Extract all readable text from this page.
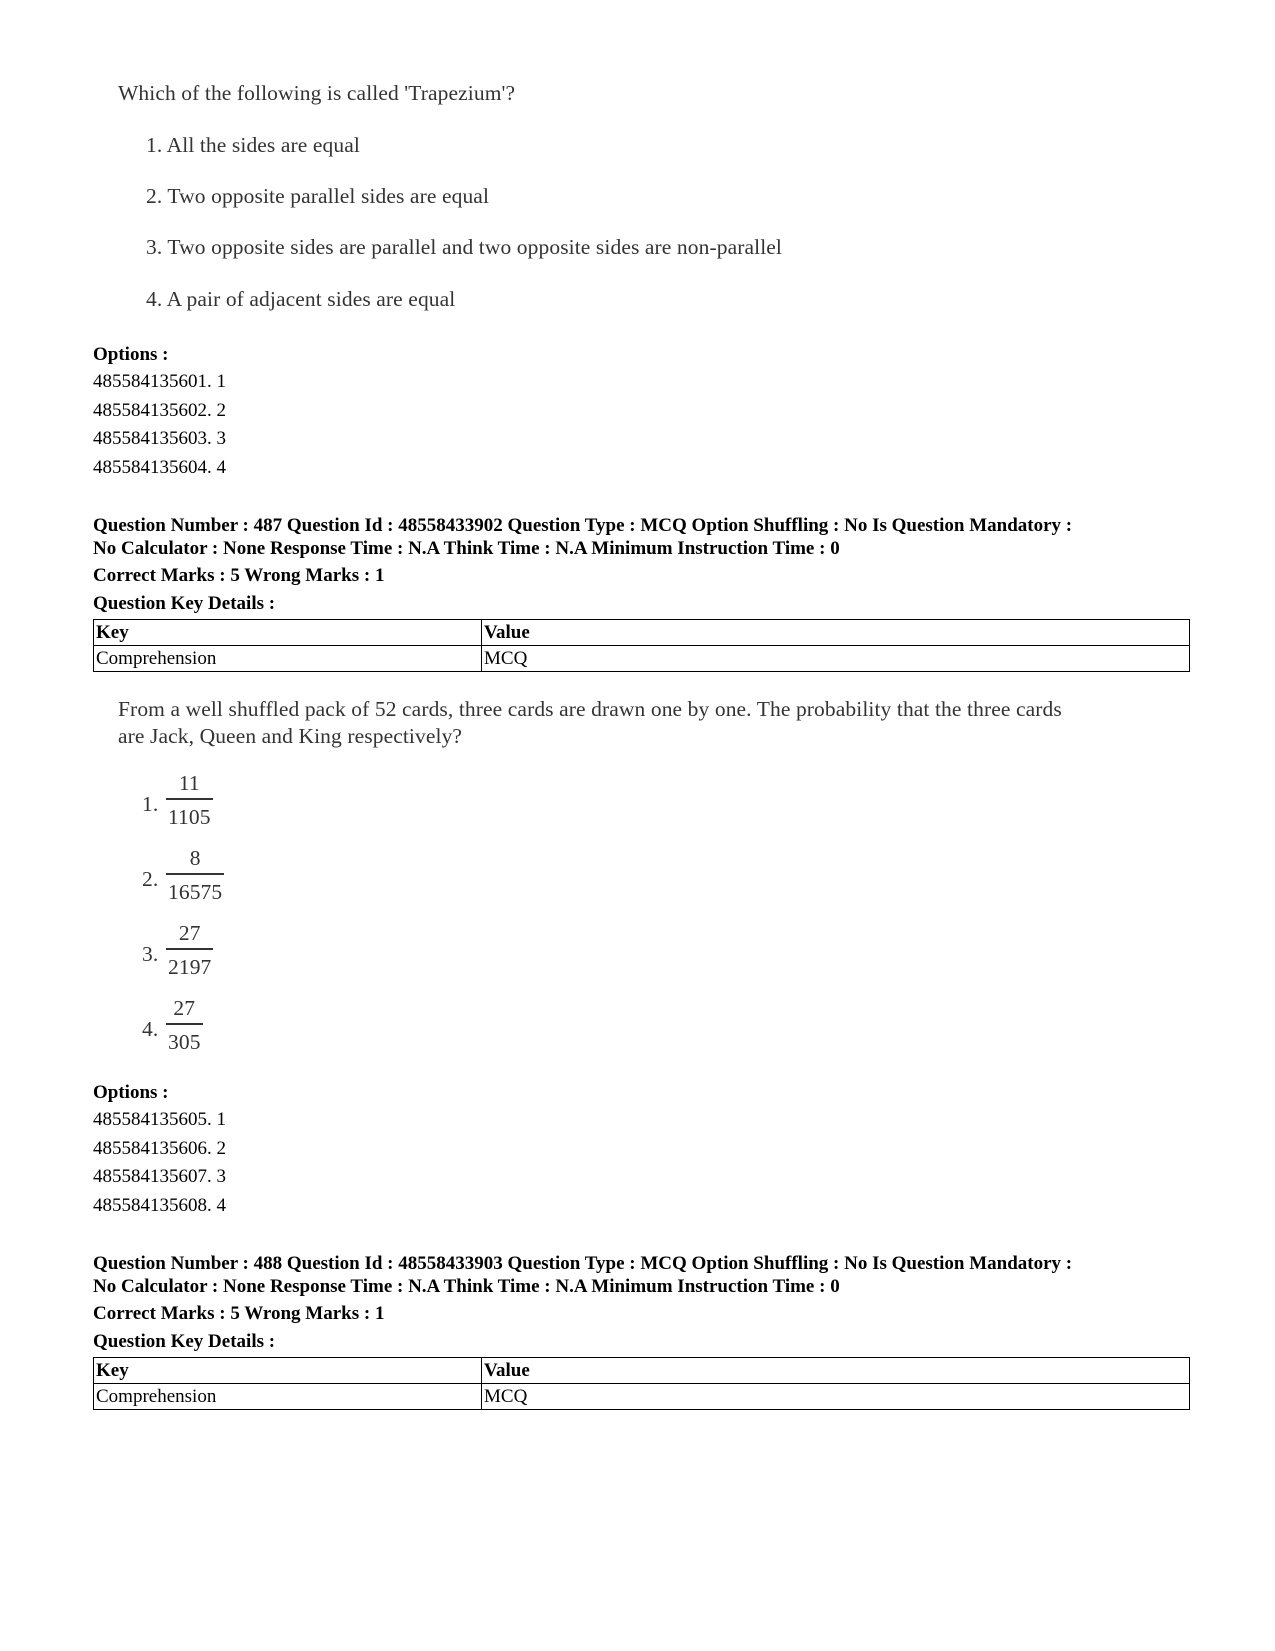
Which of the following is called 'Trapezium'?
1. All the sides are equal
2. Two opposite parallel sides are equal
3. Two opposite sides are parallel and two opposite sides are non-parallel
4. A pair of adjacent sides are equal
Options :
485584135601. 1
485584135602. 2
485584135603. 3
485584135604. 4
Question Number : 487 Question Id : 48558433902 Question Type : MCQ Option Shuffling : No Is Question Mandatory :
No Calculator : None Response Time : N.A Think Time : N.A Minimum Instruction Time : 0
Correct Marks : 5 Wrong Marks : 1
Question Key Details :
Key	Value
Comprehension	MCQ
From a well shuffled pack of 52 cards, three cards are drawn one by one. The probability that the three cards
are Jack, Queen and King respectively?
1.
11
1105
2.
8
16575
3.
27
2197
4.
27
305
Options :
485584135605. 1
485584135606. 2
485584135607. 3
485584135608. 4
Question Number : 488 Question Id : 48558433903 Question Type : MCQ Option Shuffling : No Is Question Mandatory :
No Calculator : None Response Time : N.A Think Time : N.A Minimum Instruction Time : 0
Correct Marks : 5 Wrong Marks : 1
Question Key Details :
Key	Value
Comprehension	MCQ
